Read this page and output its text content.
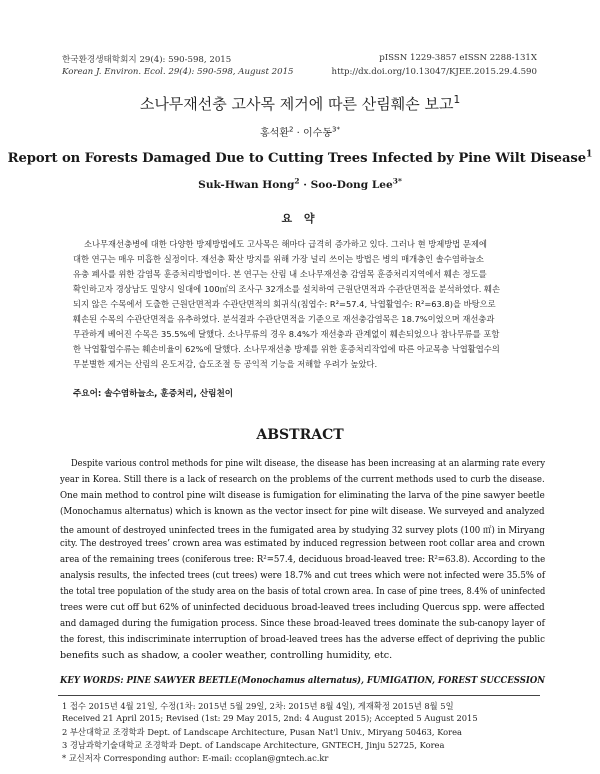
한국환경생태학회지 29(4): 590-598, 2015
Korean J. Environ. Ecol. 29(4): 590-598, August 2015
pISSN 1229-3857 eISSN 2288-131X
http://dx.doi.org/10.13047/KJEE.2015.29.4.590
소나무재선충 고사목 제거에 따른 산림훼손 보고$^1$
홍석환$^2$ · 이수동$^{3*}$
Report on Forests Damaged Due to Cutting Trees Infected by Pine Wilt Disease$^1$
Suk-Hwan Hong$^2$ · Soo-Dong Lee$^{3*}$
요 약
소나무재선충병에 대한 다양한 방제방법에도 고사목은 해마다 급격히 증가하고 있다. 그러나 현 방제방법 문제에
대한 연구는 매우 미흡한 실정이다. 재선충 확산 방지를 위해 가장 널리 쓰이는 방법은 병의 매개충인 솔수염하늘소
유충 폐사를 위한 감염목 훈증처리방법이다. 본 연구는 산림 내 소나무재선충 감염목 훈증처리지역에서 훼손 정도를
확인하고자 경상남도 밀양시 일대에 100㎡의 조사구 32개소를 설치하여 근원단면적과 수관단면적을 분석하였다. 훼손
되지 않은 수목에서 도출한 근원단면적과 수관단면적의 회귀식(침엽수: R²=57.4, 낙엽활엽수: R²=63.8)을 바탕으로
훼손된 수목의 수관단면적을 유추하였다. 분석결과 수관단면적을 기준으로 재선충감염목은 18.7%이었으며 재선충과
무관하게 베어진 수목은 35.5%에 달했다. 소나무류의 경우 8.4%가 재선충과 관계없이 훼손되었으나 참나무류를 포함
한 낙엽활엽수류는 훼손비율이 62%에 달했다. 소나무재선충 방제를 위한 훈증처리작업에 따른 아교목층 낙엽활엽수의
무분별한 제거는 산림의 온도저감, 습도조절 등 공익적 기능을 저해할 우려가 높았다.
주요어: 솔수염하늘소, 훈증처리, 산림천이
ABSTRACT
Despite various control methods for pine wilt disease, the disease has been increasing at an alarming rate every
year in Korea. Still there is a lack of research on the problems of the current methods used to curb the disease.
One main method to control pine wilt disease is fumigation for eliminating the larva of the pine sawyer beetle
(Monochamus alternatus) which is known as the vector insect for pine wilt disease. We surveyed and analyzed
the amount of destroyed uninfected trees in the fumigated area by studying 32 survey plots (100 ㎡) in Miryang
city. The destroyed trees’ crown area was estimated by induced regression between root collar area and crown
area of the remaining trees (coniferous tree: R²=57.4, deciduous broad-leaved tree: R²=63.8). According to the
analysis results, the infected trees (cut trees) were 18.7% and cut trees which were not infected were 35.5% of
the total tree population of the study area on the basis of total crown area. In case of pine trees, 8.4% of uninfected
trees were cut off but 62% of uninfected deciduous broad-leaved trees including Quercus spp. were affected
and damaged during the fumigation process. Since these broad-leaved trees dominate the sub-canopy layer of
the forest, this indiscriminate interruption of broad-leaved trees has the adverse effect of depriving the public
benefits such as shadow, a cooler weather, controlling humidity, etc.
KEY WORDS: PINE SAWYER BEETLE(Monochamus alternatus), FUMIGATION, FOREST SUCCESSION
1 접수 2015년 4월 21일, 수정(1차: 2015년 5월 29일, 2차: 2015년 8월 4일), 게재확정 2015년 8월 5일
Received 21 April 2015; Revised (1st: 29 May 2015, 2nd: 4 August 2015); Accepted 5 August 2015
2 부산대학교 조경학과 Dept. of Landscape Architecture, Pusan Nat'l Univ., Miryang 50463, Korea
3 경남과학기술대학교 조경학과 Dept. of Landscape Architecture, GNTECH, Jinju 52725, Korea
* 교신저자 Corresponding author: E-mail: ccoplan@gntech.ac.kr
